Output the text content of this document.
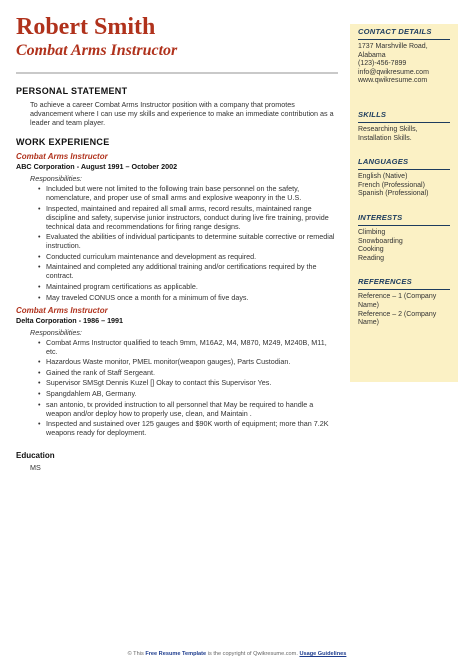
Robert Smith
Combat Arms Instructor
PERSONAL STATEMENT

To achieve a career Combat Arms Instructor position with a company that promotes advancement where I can use my skills and experience to make an immediate contribution as a leader and team player.

WORK EXPERIENCE
Combat Arms Instructor
ABC Corporation - August 1991 – October 2002
Responsibilities:
• Included but were not limited to the following train base personnel on the safety, nomenclature, and proper use of small arms and explosive weaponry in the U.S.
• Inspected, maintained and repaired all small arms, record results, maintained range discipline and safety, supervise junior instructors, conduct during live fire training, provide technical data and recommendations for firing range designs.
• Evaluated the abilities of individual participants to determine suitable corrective or remedial instruction.
• Conducted curriculum maintenance and development as required.
• Maintained and completed any additional training and/or certifications required by the contract.
• Maintained program certifications as applicable.
• May traveled CONUS once a month for a minimum of five days.
Combat Arms Instructor
Delta Corporation - 1986 – 1991
Responsibilities:
• Combat Arms Instructor qualified to teach 9mm, M16A2, M4, M870, M249, M240B, M11, etc.
• Hazardous Waste monitor, PMEL monitor(weapon gauges), Parts Custodian.
• Gained the rank of Staff Sergeant.
• Supervisor SMSgt Dennis Kuzel [] Okay to contact this Supervisor Yes.
• Spangdahlem AB, Germany.
• san antonio, tx provided instruction to all personnel that May be required to handle a weapon and/or deploy how to properly use, clean, and Maintain .
• Inspected and sustained over 125 gauges and $90K worth of equipment; more than 7.2K weapons ready for deployment.
Education
MS
CONTACT DETAILS

1737 Marshville Road, Alabama

(123)-456-7899

info@qwikresume.com

www.qwikresume.com

SKILLS

Researching Skills, Installation Skills.

LANGUAGES

English (Native)

French (Professional)

Spanish (Professional)

INTERESTS

Climbing

Snowboarding

Cooking

Reading

REFERENCES

Reference – 1 (Company Name)

Reference – 2 (Company Name)

© This Free Resume Template is the copyright of Qwikresume.com. Usage Guidelines
